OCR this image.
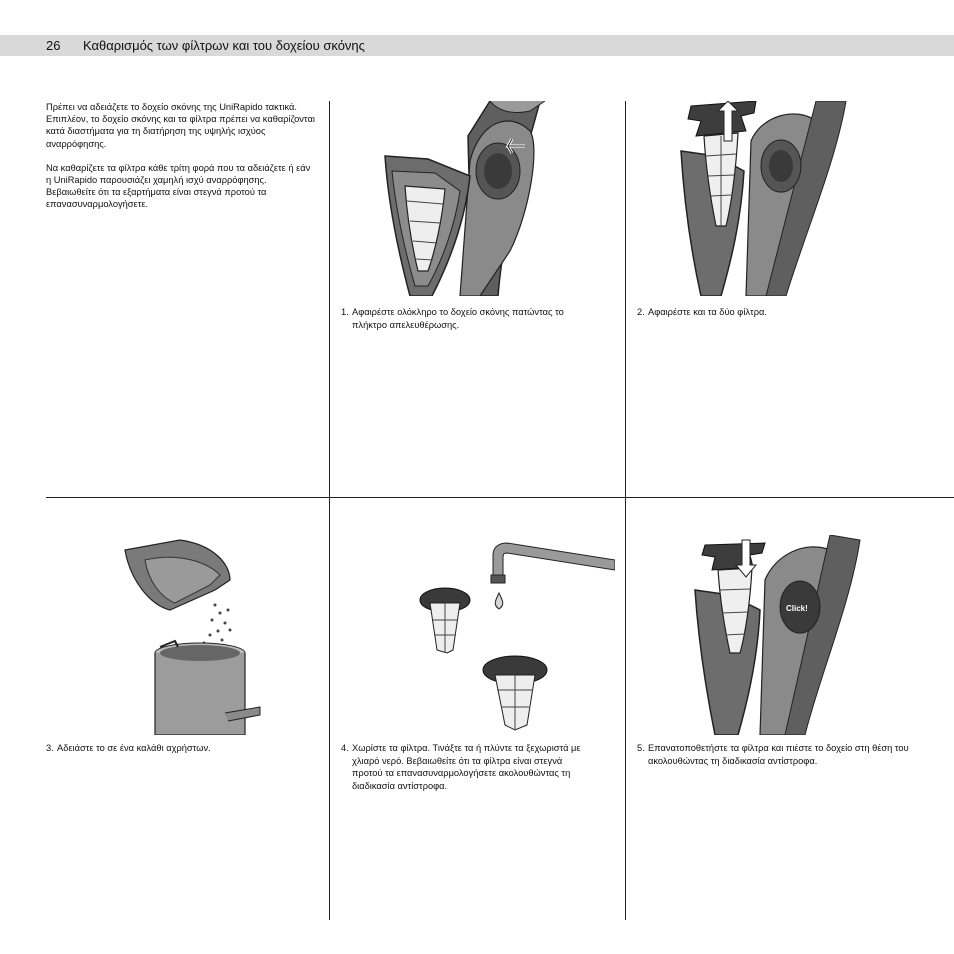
26 Καθαρισμός των φίλτρων και του δοχείου σκόνης

Πρέπει να αδειάζετε το δοχείο σκόνης της UniRapido τακτικά. Επιπλέον, το δοχείο σκόνης και τα φίλτρα πρέπει να καθαρίζονται κατά διαστήματα για τη διατήρηση της υψηλής ισχύος αναρρόφησης.

Να καθαρίζετε τα φίλτρα κάθε τρίτη φορά που τα αδειάζετε ή εάν η UniRapido παρουσιάζει χαμηλή ισχύ αναρρόφησης. Βεβαιωθείτε ότι τα εξαρτήματα είναι στεγνά προτού τα επανασυναρμολογήσετε.

Click!
1. Αφαιρέστε ολόκληρο το δοχείο σκόνης πατώντας το πλήκτρο απελευθέρωσης.
2. Αφαιρέστε και τα δύο φίλτρα.
3. Αδειάστε το σε ένα καλάθι αχρήστων.	4. Χωρίστε τα φίλτρα. Τινάξτε τα ή πλύντε τα ξεχωριστά με χλιαρό νερό. Βεβαιωθείτε ότι τα φίλτρα είναι στεγνά προτού τα επανασυναρμολογήσετε ακολουθώντας τη διαδικασία αντίστροφα.
5. Επανατοποθετήστε τα φίλτρα και πιέστε το δοχείο στη θέση του ακολουθώντας τη διαδικασία αντίστροφα.
